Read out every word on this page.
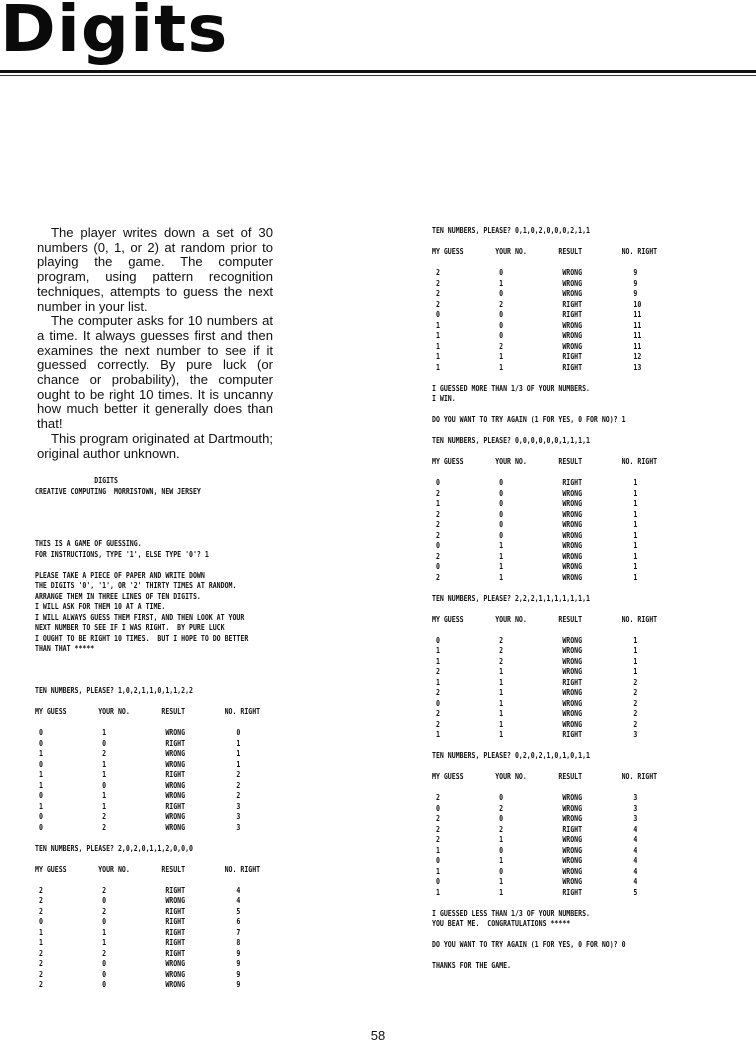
Digits

The player writes down a set of 30 numbers (0, 1, or 2) at random prior to playing the game. The computer program, using pattern recognition techniques, attempts to guess the next number in your list.

The computer asks for 10 numbers at a time. It always guesses first and then examines the next number to see if it guessed correctly. By pure luck (or chance or probability), the computer ought to be right 10 times. It is uncanny how much better it generally does than that!

This program originated at Dartmouth; original author unknown.

DIGITS
CREATIVE COMPUTING  MORRISTOWN, NEW JERSEY
THIS IS A GAME OF GUESSING.
FOR INSTRUCTIONS, TYPE '1', ELSE TYPE '0'? 1
PLEASE TAKE A PIECE OF PAPER AND WRITE DOWN
THE DIGITS '0', '1', OR '2' THIRTY TIMES AT RANDOM.
ARRANGE THEM IN THREE LINES OF TEN DIGITS.
I WILL ASK FOR THEM 10 AT A TIME.
I WILL ALWAYS GUESS THEM FIRST, AND THEN LOOK AT YOUR
NEXT NUMBER TO SEE IF I WAS RIGHT.  BY PURE LUCK
I OUGHT TO BE RIGHT 10 TIMES.  BUT I HOPE TO DO BETTER
THAN THAT *****
TEN NUMBERS, PLEASE? 1,0,2,1,1,0,1,1,2,2
MY GUESS        YOUR NO.        RESULT          NO. RIGHT
0               1               WRONG             0
0               0               RIGHT             1
1               2               WRONG             1
0               1               WRONG             1
1               1               RIGHT             2
1               0               WRONG             2
0               1               WRONG             2
1               1               RIGHT             3
0               2               WRONG             3
0               2               WRONG             3
TEN NUMBERS, PLEASE? 2,0,2,0,1,1,2,0,0,0
MY GUESS        YOUR NO.        RESULT          NO. RIGHT
2               2               RIGHT             4
2               0               WRONG             4
2               2               RIGHT             5
0               0               RIGHT             6
1               1               RIGHT             7
1               1               RIGHT             8
2               2               RIGHT             9
2               0               WRONG             9
2               0               WRONG             9
2               0               WRONG             9
TEN NUMBERS, PLEASE? 0,1,0,2,0,0,0,2,1,1
MY GUESS        YOUR NO.        RESULT          NO. RIGHT
2               0               WRONG             9
2               1               WRONG             9
2               0               WRONG             9
2               2               RIGHT             10
0               0               RIGHT             11
1               0               WRONG             11
1               0               WRONG             11
1               2               WRONG             11
1               1               RIGHT             12
1               1               RIGHT             13
I GUESSED MORE THAN 1/3 OF YOUR NUMBERS.
I WIN.
DO YOU WANT TO TRY AGAIN (1 FOR YES, 0 FOR NO)? 1
TEN NUMBERS, PLEASE? 0,0,0,0,0,0,1,1,1,1
MY GUESS        YOUR NO.        RESULT          NO. RIGHT
0               0               RIGHT             1
2               0               WRONG             1
1               0               WRONG             1
2               0               WRONG             1
2               0               WRONG             1
2               0               WRONG             1
0               1               WRONG             1
2               1               WRONG             1
0               1               WRONG             1
2               1               WRONG             1
TEN NUMBERS, PLEASE? 2,2,2,1,1,1,1,1,1,1
MY GUESS        YOUR NO.        RESULT          NO. RIGHT
0               2               WRONG             1
1               2               WRONG             1
1               2               WRONG             1
2               1               WRONG             1
1               1               RIGHT             2
2               1               WRONG             2
0               1               WRONG             2
2               1               WRONG             2
2               1               WRONG             2
1               1               RIGHT             3
TEN NUMBERS, PLEASE? 0,2,0,2,1,0,1,0,1,1
MY GUESS        YOUR NO.        RESULT          NO. RIGHT
2               0               WRONG             3
0               2               WRONG             3
2               0               WRONG             3
2               2               RIGHT             4
2               1               WRONG             4
1               0               WRONG             4
0               1               WRONG             4
1               0               WRONG             4
0               1               WRONG             4
1               1               RIGHT             5
I GUESSED LESS THAN 1/3 OF YOUR NUMBERS.
YOU BEAT ME.  CONGRATULATIONS *****
DO YOU WANT TO TRY AGAIN (1 FOR YES, 0 FOR NO)? 0
THANKS FOR THE GAME.
58
